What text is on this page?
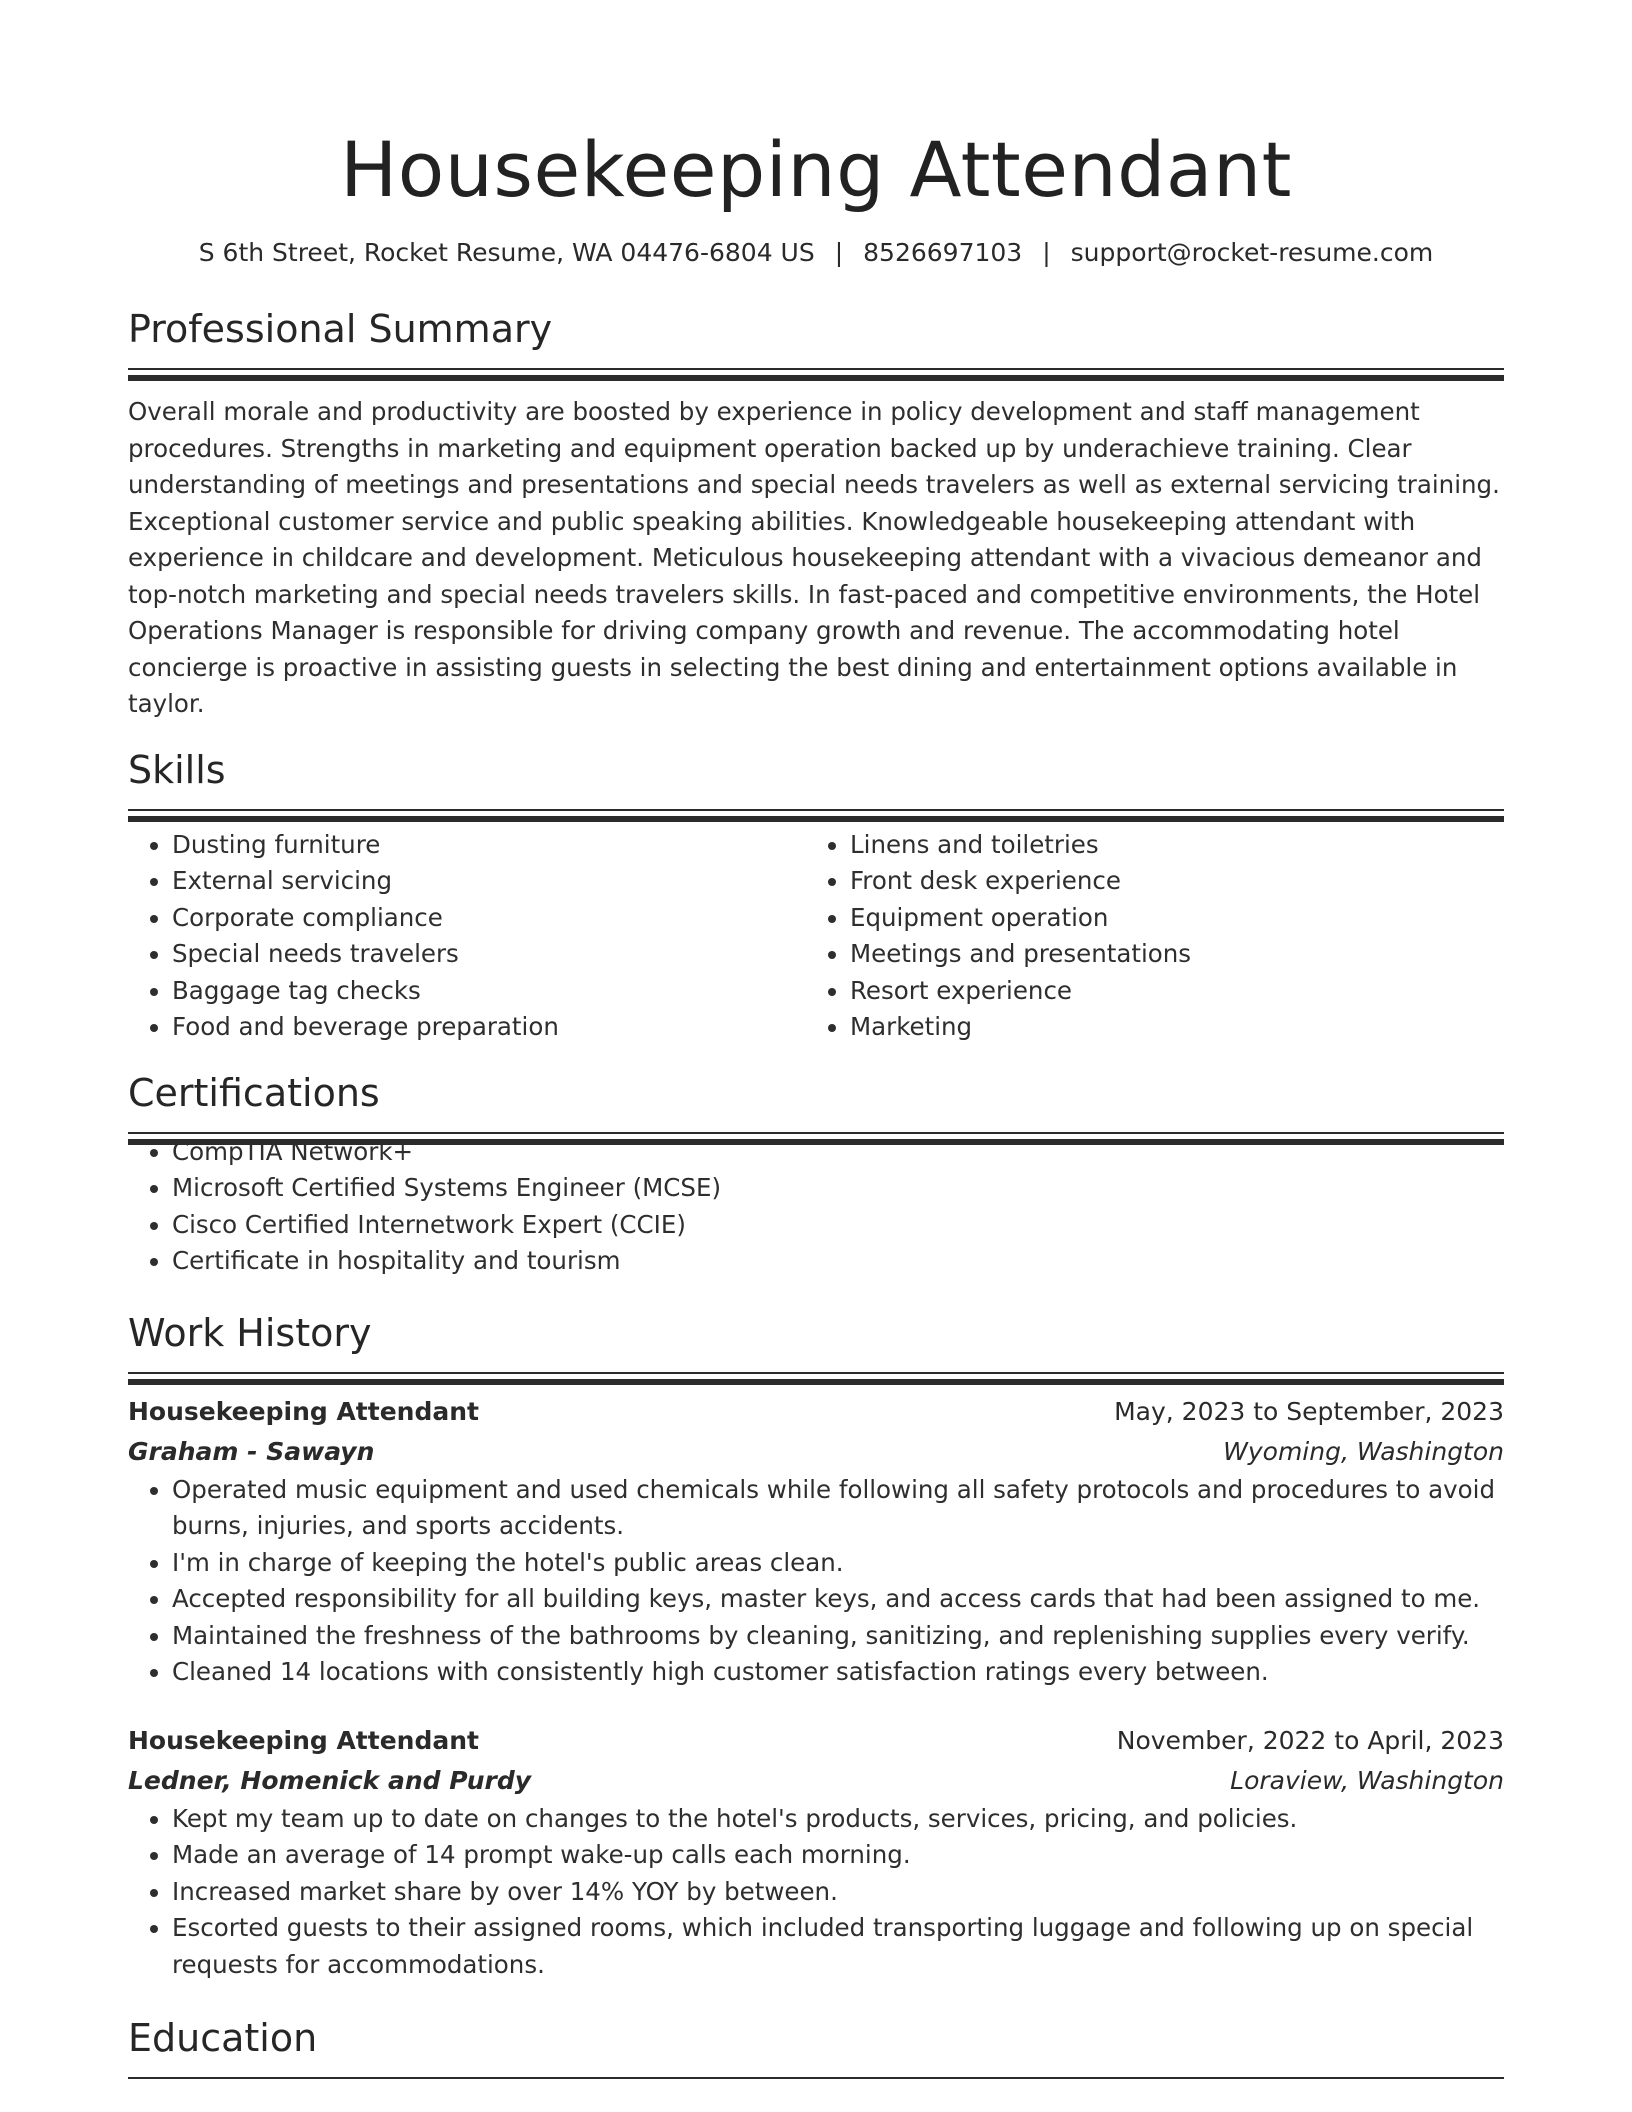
Housekeeping Attendant
S 6th Street, Rocket Resume, WA 04476-6804 US | 8526697103 | support@rocket-resume.com
Professional Summary

Overall morale and productivity are boosted by experience in policy development and staff management procedures. Strengths in marketing and equipment operation backed up by underachieve training. Clear understanding of meetings and presentations and special needs travelers as well as external servicing training. Exceptional customer service and public speaking abilities. Knowledgeable housekeeping attendant with experience in childcare and development. Meticulous housekeeping attendant with a vivacious demeanor and top-notch marketing and special needs travelers skills. In fast-paced and competitive environments, the Hotel Operations Manager is responsible for driving company growth and revenue. The accommodating hotel concierge is proactive in assisting guests in selecting the best dining and entertainment options available in taylor.

Skills
• Dusting furniture
• External servicing
• Corporate compliance
• Special needs travelers
• Baggage tag checks
• Food and beverage preparation
• Linens and toiletries
• Front desk experience
• Equipment operation
• Meetings and presentations
• Resort experience
• Marketing
Certifications
• CompTIA Network+
• Microsoft Certified Systems Engineer (MCSE)
• Cisco Certified Internetwork Expert (CCIE)
• Certificate in hospitality and tourism
Work History
Housekeeping Attendant	May, 2023 to September, 2023
Graham - Sawayn	Wyoming, Washington
• Operated music equipment and used chemicals while following all safety protocols and procedures to avoid burns, injuries, and sports accidents.
• I'm in charge of keeping the hotel's public areas clean.
• Accepted responsibility for all building keys, master keys, and access cards that had been assigned to me.
• Maintained the freshness of the bathrooms by cleaning, sanitizing, and replenishing supplies every verify.
• Cleaned 14 locations with consistently high customer satisfaction ratings every between.
Housekeeping Attendant	November, 2022 to April, 2023
Ledner, Homenick and Purdy	Loraview, Washington
• Kept my team up to date on changes to the hotel's products, services, pricing, and policies.
• Made an average of 14 prompt wake-up calls each morning.
• Increased market share by over 14% YOY by between.
• Escorted guests to their assigned rooms, which included transporting luggage and following up on special requests for accommodations.
Education
